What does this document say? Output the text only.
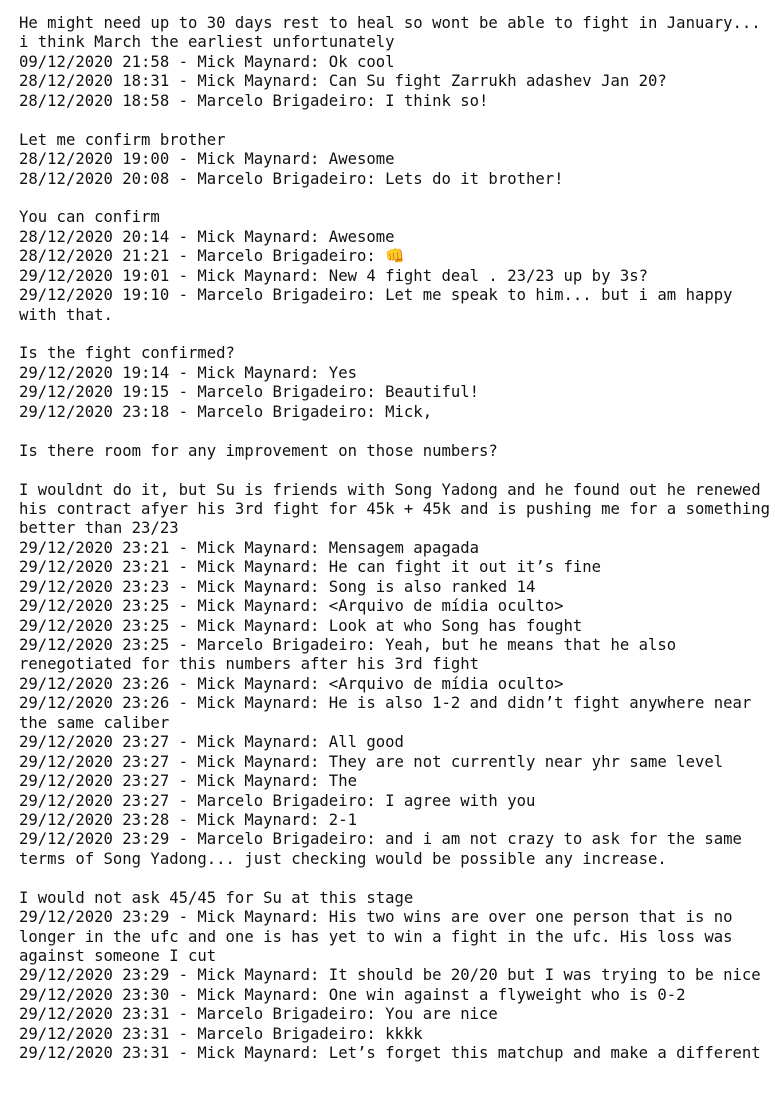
He might need up to 30 days rest to heal so wont be able to fight in January...
i think March the earliest unfortunately
09/12/2020 21:58 - Mick Maynard: Ok cool
28/12/2020 18:31 - Mick Maynard: Can Su fight Zarrukh adashev Jan 20?
28/12/2020 18:58 - Marcelo Brigadeiro: I think so!
Let me confirm brother
28/12/2020 19:00 - Mick Maynard: Awesome
28/12/2020 20:08 - Marcelo Brigadeiro: Lets do it brother!
You can confirm
28/12/2020 20:14 - Mick Maynard: Awesome
28/12/2020 21:21 - Marcelo Brigadeiro: 👊
29/12/2020 19:01 - Mick Maynard: New 4 fight deal . 23/23 up by 3s?
29/12/2020 19:10 - Marcelo Brigadeiro: Let me speak to him... but i am happy
with that.
Is the fight confirmed?
29/12/2020 19:14 - Mick Maynard: Yes
29/12/2020 19:15 - Marcelo Brigadeiro: Beautiful!
29/12/2020 23:18 - Marcelo Brigadeiro: Mick,
Is there room for any improvement on those numbers?
I wouldnt do it, but Su is friends with Song Yadong and he found out he renewed
his contract afyer his 3rd fight for 45k + 45k and is pushing me for a something
better than 23/23
29/12/2020 23:21 - Mick Maynard: Mensagem apagada
29/12/2020 23:21 - Mick Maynard: He can fight it out it’s fine
29/12/2020 23:23 - Mick Maynard: Song is also ranked 14
29/12/2020 23:25 - Mick Maynard: <Arquivo de mídia oculto>
29/12/2020 23:25 - Mick Maynard: Look at who Song has fought
29/12/2020 23:25 - Marcelo Brigadeiro: Yeah, but he means that he also
renegotiated for this numbers after his 3rd fight
29/12/2020 23:26 - Mick Maynard: <Arquivo de mídia oculto>
29/12/2020 23:26 - Mick Maynard: He is also 1-2 and didn’t fight anywhere near
the same caliber
29/12/2020 23:27 - Mick Maynard: All good
29/12/2020 23:27 - Mick Maynard: They are not currently near yhr same level
29/12/2020 23:27 - Mick Maynard: The
29/12/2020 23:27 - Marcelo Brigadeiro: I agree with you
29/12/2020 23:28 - Mick Maynard: 2-1
29/12/2020 23:29 - Marcelo Brigadeiro: and i am not crazy to ask for the same
terms of Song Yadong... just checking would be possible any increase.
I would not ask 45/45 for Su at this stage
29/12/2020 23:29 - Mick Maynard: His two wins are over one person that is no
longer in the ufc and one is has yet to win a fight in the ufc. His loss was
against someone I cut
29/12/2020 23:29 - Mick Maynard: It should be 20/20 but I was trying to be nice
29/12/2020 23:30 - Mick Maynard: One win against a flyweight who is 0-2
29/12/2020 23:31 - Marcelo Brigadeiro: You are nice
29/12/2020 23:31 - Marcelo Brigadeiro: kkkk
29/12/2020 23:31 - Mick Maynard: Let’s forget this matchup and make a different
